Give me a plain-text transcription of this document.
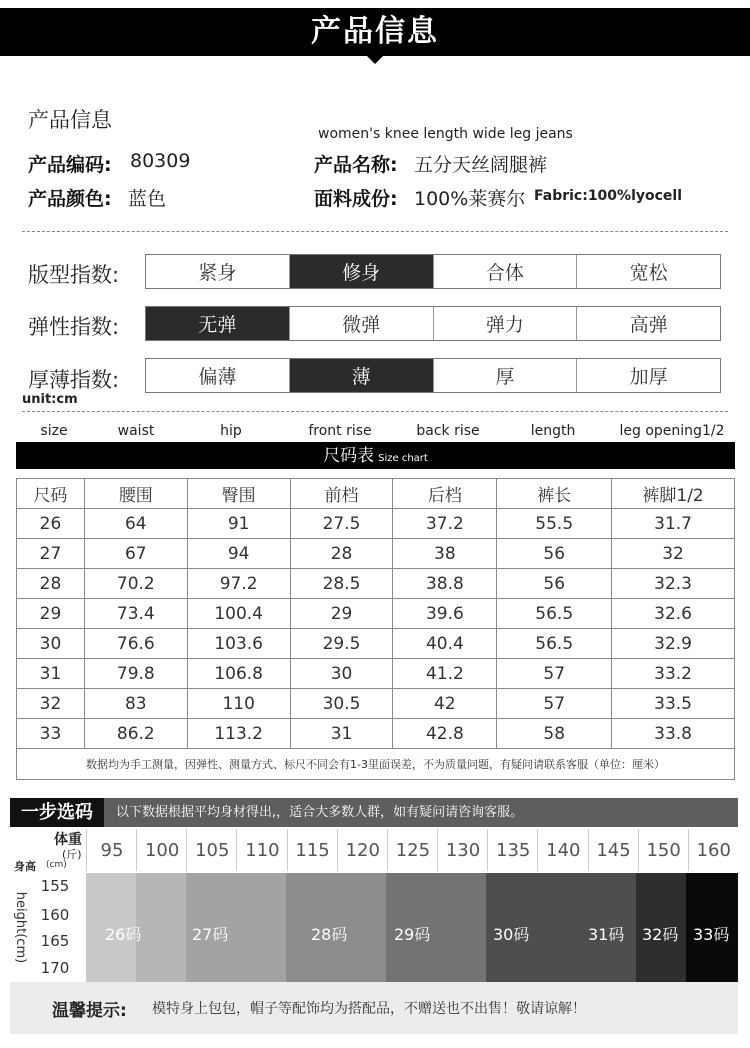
产品信息
产品信息
women's knee length wide leg jeans
产品编码: 80309	产品名称: 五分天丝阔腿裤
产品颜色: 蓝色	面料成份: 100%莱赛尔 Fabric:100%lyocell
版型指数:	紧身	修身	合体	宽松
弹性指数:	无弹	微弹	弹力	高弹
厚薄指数:	偏薄	薄	厚	加厚
unit:cm
size	waist	hip	front rise	back rise	length	leg opening1/2
尺码表 Size chart
尺码	腰围	臀围	前档	后档	裤长	裤脚1/2
26	64	91	27.5	37.2	55.5	31.7
27	67	94	28	38	56	32
28	70.2	97.2	28.5	38.8	56	32.3
29	73.4	100.4	29	39.6	56.5	32.6
30	76.6	103.6	29.5	40.4	56.5	32.9
31	79.8	106.8	30	41.2	57	33.2
32	83	110	30.5	42	57	33.5
33	86.2	113.2	31	42.8	58	33.8
数据均为手工测量，因弹性、测量方式、标尺不同会有1-3里面误差，不为质量问题，有疑问请联系客服（单位：厘米）						
一步选码	以下数据根据平均身材得出,，适合大多数人群，如有疑问请咨询客服。
体重
(斤)
身高 (cm)
95	100 105 110 115 120 125 130 135 140 145 150 160
26码	27码	28码	29码	30码	31码 32码 33码
155
160
165
170
height(cm)
温馨提示: 模特身上包包，帽子等配饰均为搭配品，不赠送也不出售！敬请谅解！
